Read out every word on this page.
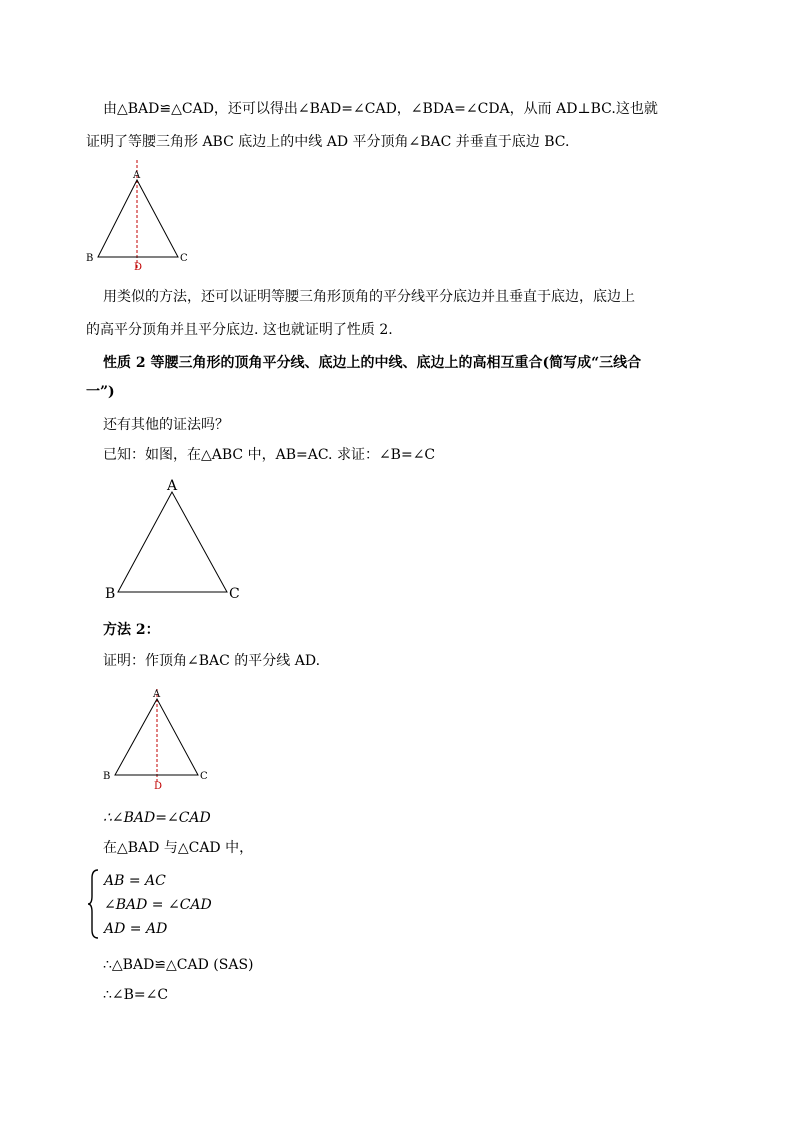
由△BAD≌△CAD，还可以得出∠BAD=∠CAD，∠BDA=∠CDA，从而 AD⊥BC.这也就
证明了等腰三角形 ABC 底边上的中线 AD 平分顶角∠BAC 并垂直于底边 BC.
A
B	C
D
用类似的方法，还可以证明等腰三角形顶角的平分线平分底边并且垂直于底边，底边上
的高平分顶角并且平分底边. 这也就证明了性质 2.
性质 2 等腰三角形的顶角平分线、底边上的中线、底边上的高相互重合(简写成“三线合
一”)
还有其他的证法吗？
已知：如图，在△ABC 中，AB=AC. 求证：∠B=∠C
A
B	C
方法 2：
证明：作顶角∠BAC 的平分线 AD.
A
B	C
D
∴∠BAD=∠CAD
在△BAD 与△CAD 中，
AB = AC
∠BAD = ∠CAD
AD = AD
∴△BAD≌△CAD (SAS)
∴∠B=∠C
